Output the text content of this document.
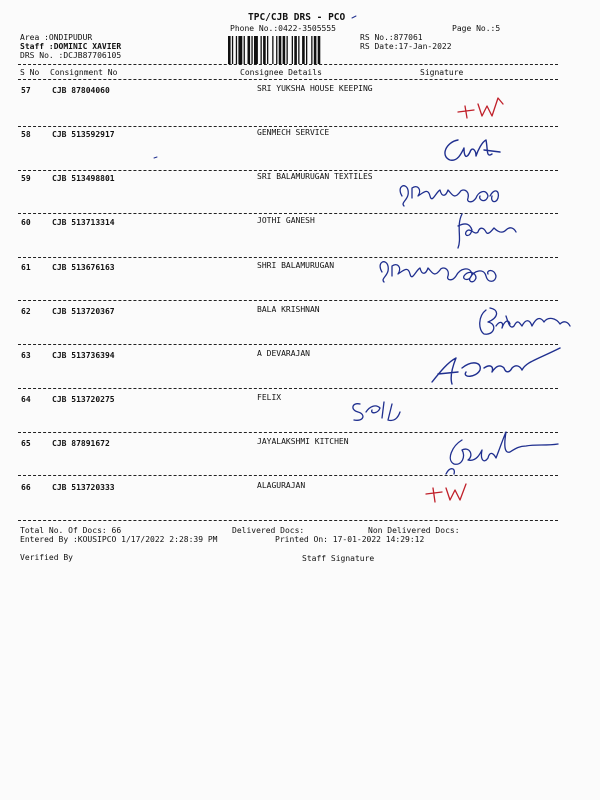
TPC/CJB DRS - PCO
Phone No.:0422-3505555	Page No.:5
Area :ONDIPUDUR
Staff :DOMINIC XAVIER
DRS No. :DCJB87706105
RS No.:877061
RS Date:17-Jan-2022
S No Consignment No	Consignee Details	Signature
57	CJB 87804060	SRI YUKSHA HOUSE KEEPING
58	CJB 513592917	GENMECH SERVICE
59	CJB 513498801	SRI BALAMURUGAN TEXTILES
60	CJB 513713314	JOTHI GANESH
61	CJB 513676163	SHRI BALAMURUGAN
62	CJB 513720367	BALA KRISHNAN
63	CJB 513736394	A DEVARAJAN
64	CJB 513720275	FELIX
65	CJB 87891672	JAYALAKSHMI KITCHEN
66	CJB 513720333	ALAGURAJAN
Total No. Of Docs: 66	Delivered Docs:	Non Delivered Docs:
Entered By :KOUSIPCO 1/17/2022 2:28:39 PM	Printed On: 17-01-2022 14:29:12
Verified By	Staff Signature
